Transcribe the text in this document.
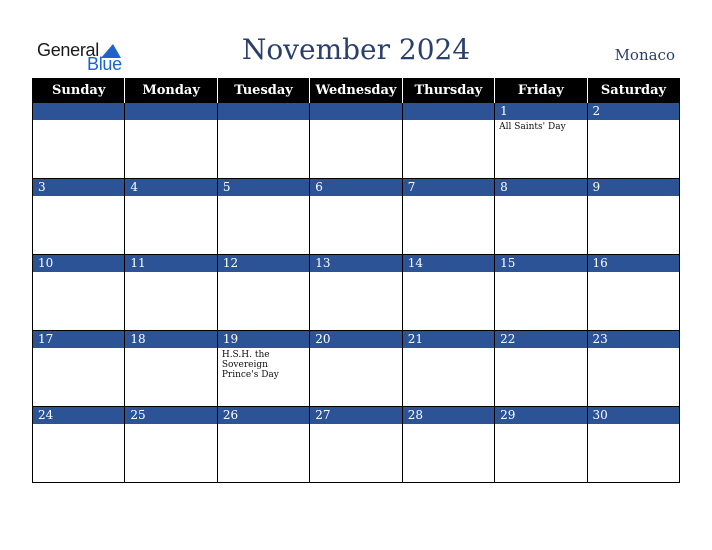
General
Blue	November 2024	Monaco
Sunday	Monday	Tuesday	Wednesday	Thursday	Friday	Saturday

					1	2

					All Saints' Day	

3	4	5	6	7	8	9

10	11	12	13	14	15	16

17	18	19	20	21	22	23

		H.S.H. the Sovereign Prince's Day				

24	25	26	27	28	29	30
